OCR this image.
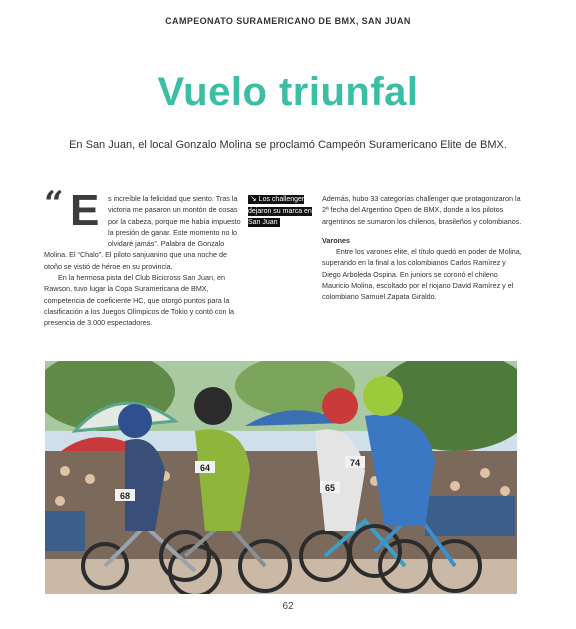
CAMPEONATO SURAMERICANO DE BMX, SAN JUAN
Vuelo triunfal
En San Juan, el local Gonzalo Molina se proclamó Campeón Suramericano Elite de BMX.
“ E	s increíble la felicidad que siento. Tras la victoria me pasaron un montón de cosas por la cabeza, porque me había impuesto la presión de ganar. Este momento no lo olvidaré jamás”. Palabra de Gonzalo Molina. El “Chalo”. El piloto sanjuanino que una noche de otoño se vistió de héroe en su provincia.

En la hermosa pista del Club Bicicross San Juan, en Rawson, tuvo lugar la Copa Suramericana de BMX, competencia de coeficiente HC, que otorgó puntos para la clasificación a los Juegos Olímpicos de Tokio y contó con la presencia de 3.000 espectadores.

↘ Los challenger dejaron su marca en San Juan

Además, hubo 33 categorías challenger que protagonizaron la 2ª fecha del Argentino Open de BMX, donde a los pilotos argentinos se sumaron los chilenos, brasileños y colombianos.

Varones

Entre los varones elite, el título quedó en poder de Molina, superando en la final a los colombianos Carlos Ramírez y Diego Arboleda Ospina. En juniors se coronó el chileno Mauricio Molina, escoltado por el riojano David Ramírez y el colombiano Samuel Zapata Giraldo.

68
64
65
74
62
